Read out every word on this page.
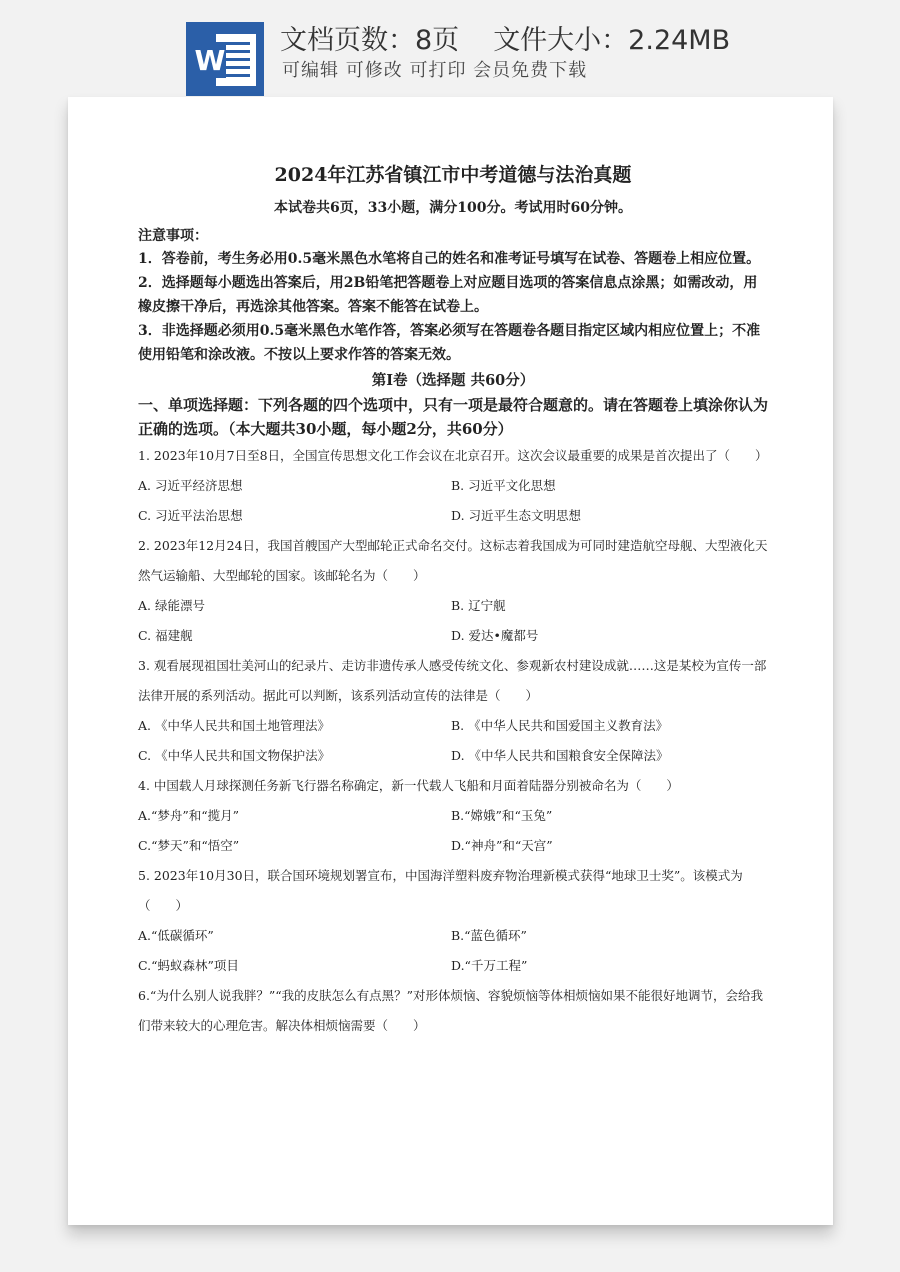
W
文档页数：8页 文件大小：2.24MB
可编辑 可修改 可打印 会员免费下载
2024年江苏省镇江市中考道德与法治真题
本试卷共6页，33小题，满分100分。考试用时60分钟。
注意事项：

1．答卷前，考生务必用0.5毫米黑色水笔将自己的姓名和准考证号填写在试卷、答题卷上相应位置。

2．选择题每小题选出答案后，用2B铅笔把答题卷上对应题目选项的答案信息点涂黑；如需改动，用橡皮擦干净后，再选涂其他答案。答案不能答在试卷上。

3．非选择题必须用0.5毫米黑色水笔作答，答案必须写在答题卷各题目指定区域内相应位置上；不准使用铅笔和涂改液。不按以上要求作答的答案无效。

第Ⅰ卷（选择题 共60分）
一、单项选择题：下列各题的四个选项中，只有一项是最符合题意的。请在答题卷上填涂你认为正确的选项。（本大题共30小题，每小题2分，共60分）
1. 2023年10月7日至8日，全国宣传思想文化工作会议在北京召开。这次会议最重要的成果是首次提出了（　　）
A. 习近平经济思想	B. 习近平文化思想
C. 习近平法治思想	D. 习近平生态文明思想
2. 2023年12月24日，我国首艘国产大型邮轮正式命名交付。这标志着我国成为可同时建造航空母舰、大型液化天然气运输船、大型邮轮的国家。该邮轮名为（　　）
A. 绿能漂号	B. 辽宁舰
C. 福建舰	D. 爱达•魔都号
3. 观看展现祖国壮美河山的纪录片、走访非遗传承人感受传统文化、参观新农村建设成就……这是某校为宣传一部法律开展的系列活动。据此可以判断，该系列活动宣传的法律是（　　）
A. 《中华人民共和国土地管理法》	B. 《中华人民共和国爱国主义教育法》
C. 《中华人民共和国文物保护法》	D. 《中华人民共和国粮食安全保障法》
4. 中国载人月球探测任务新飞行器名称确定，新一代载人飞船和月面着陆器分别被命名为（　　）
A.“梦舟”和“揽月”	B.“嫦娥”和“玉兔”
C.“梦天”和“悟空”	D.“神舟”和“天宫”
5. 2023年10月30日，联合国环境规划署宣布，中国海洋塑料废弃物治理新模式获得“地球卫士奖”。该模式为（　　）
A.“低碳循环”	B.“蓝色循环”
C.“蚂蚁森林”项目	D.“千万工程”
6.“为什么别人说我胖？”“我的皮肤怎么有点黑？”对形体烦恼、容貌烦恼等体相烦恼如果不能很好地调节，会给我们带来较大的心理危害。解决体相烦恼需要（　　）
